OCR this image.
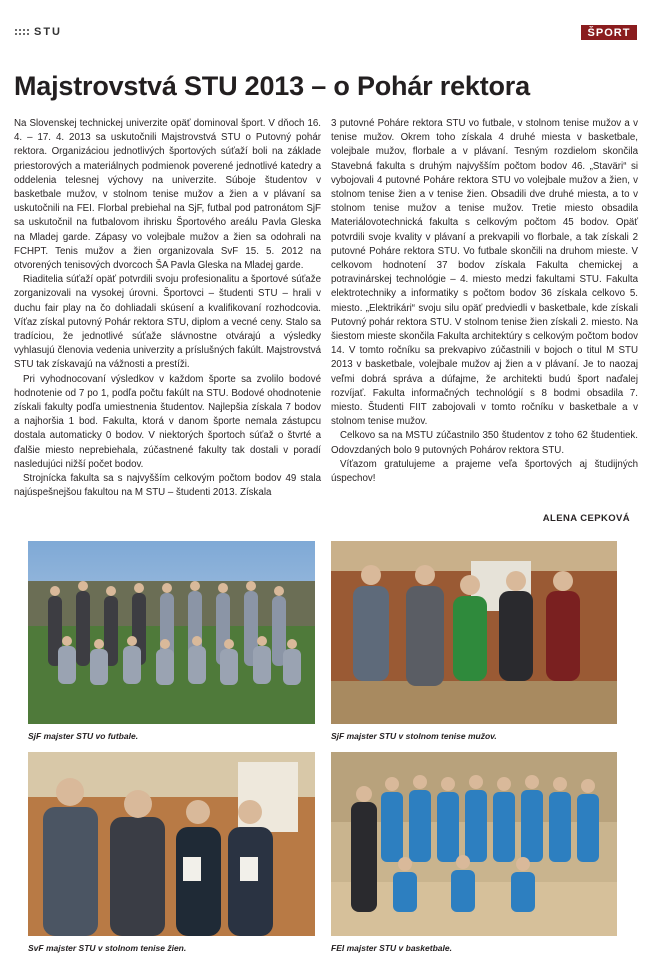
STU	ŠPORT
Majstrovstvá STU 2013 – o Pohár rektora

Na Slovenskej technickej univerzite opäť dominoval šport. V dňoch 16. 4. – 17. 4. 2013 sa uskutočnili Majstrovstvá STU o Putovný pohár rektora. Organizáciou jednotlivých športových súťaží boli na základe priestorových a materiálnych podmienok poverené jednotlivé katedry a oddelenia telesnej výchovy na univerzite. Súboje študentov v basketbale mužov, v stolnom tenise mužov a žien a v plávaní sa uskutočnili na FEI. Florbal prebiehal na SjF, futbal pod patronátom SjF sa uskutočnil na futbalovom ihrisku Športového areálu Pavla Gleska na Mladej garde. Zápasy vo volejbale mužov a žien sa odohrali na FCHPT. Tenis mužov a žien organizovala SvF 15. 5. 2012 na otvorených tenisových dvorcoch ŠA Pavla Gleska na Mladej garde.

Riaditelia súťaží opäť potvrdili svoju profesionalitu a športové súťaže zorganizovali na vysokej úrovni. Športovci – študenti STU – hrali v duchu fair play na čo dohliadali skúsení a kvalifikovaní rozhodcovia. Víťaz získal putovný Pohár rektora STU, diplom a vecné ceny. Stalo sa tradíciou, že jednotlivé súťaže slávnostne otvárajú a výsledky vyhlasujú členovia vedenia univerzity a príslušných fakúlt. Majstrovstvá STU tak získavajú na vážnosti a prestíži.

Pri vyhodnocovaní výsledkov v každom športe sa zvolilo bodové hodnotenie od 7 po 1, podľa počtu fakúlt na STU. Bodové ohodnotenie získali fakulty podľa umiestnenia študentov. Najlepšia získala 7 bodov a najhoršia 1 bod. Fakulta, ktorá v danom športe nemala zástupcu dostala automaticky 0 bodov. V niektorých športoch súťaž o štvrté a ďalšie miesto neprebiehala, zúčastnené fakulty tak dostali v poradí nasledujúci nižší počet bodov.

Strojnícka fakulta sa s najvyšším celkovým počtom bodov 49 stala najúspešnejšou fakultou na M STU – študenti 2013. Získala

3 putovné Poháre rektora STU vo futbale, v stolnom tenise mužov a v tenise mužov. Okrem toho získala 4 druhé miesta v basketbale, volejbale mužov, florbale a v plávaní. Tesným rozdielom skončila Stavebná fakulta s druhým najvyšším počtom bodov 46. „Staväri“ si vybojovali 4 putovné Poháre rektora STU vo volejbale mužov a žien, v stolnom tenise žien a v tenise žien. Obsadili dve druhé miesta, a to v stolnom tenise mužov a tenise mužov. Tretie miesto obsadila Materiálovotechnická fakulta s celkovým počtom 45 bodov. Opäť potvrdili svoje kvality v plávaní a prekvapili vo florbale, a tak získali 2 putovné Poháre rektora STU. Vo futbale skončili na druhom mieste. V celkovom hodnotení 37 bodov získala Fakulta chemickej a potravinárskej technológie – 4. miesto medzi fakultami STU. Fakulta elektrotechniky a informatiky s počtom bodov 36 získala celkovo 5. miesto. „Elektrikári“ svoju silu opäť predviedli v basketbale, kde získali Putovný pohár rektora STU. V stolnom tenise žien získali 2. miesto. Na šiestom mieste skončila Fakulta architektúry s celkovým počtom bodov 14. V tomto ročníku sa prekvapivo zúčastnili v bojoch o titul M STU 2013 v basketbale, volejbale mužov aj žien a v plávaní. Je to naozaj veľmi dobrá správa a dúfajme, že architekti budú šport naďalej rozvíjať. Fakulta informačných technológií s 8 bodmi obsadila 7. miesto. Študenti FIIT zabojovali v tomto ročníku v basketbale a v stolnom tenise mužov.

Celkovo sa na MSTU zúčastnilo 350 študentov z toho 62 študentiek. Odovzdaných bolo 9 putovných Pohárov rektora STU.

Víťazom gratulujeme a prajeme veľa športových aj študijných úspechov!

ALENA CEPKOVÁ
SjF majster STU vo futbale.	SjF majster STU v stolnom tenise mužov.
SvF majster STU v stolnom tenise žien.	FEI majster STU v basketbale.
